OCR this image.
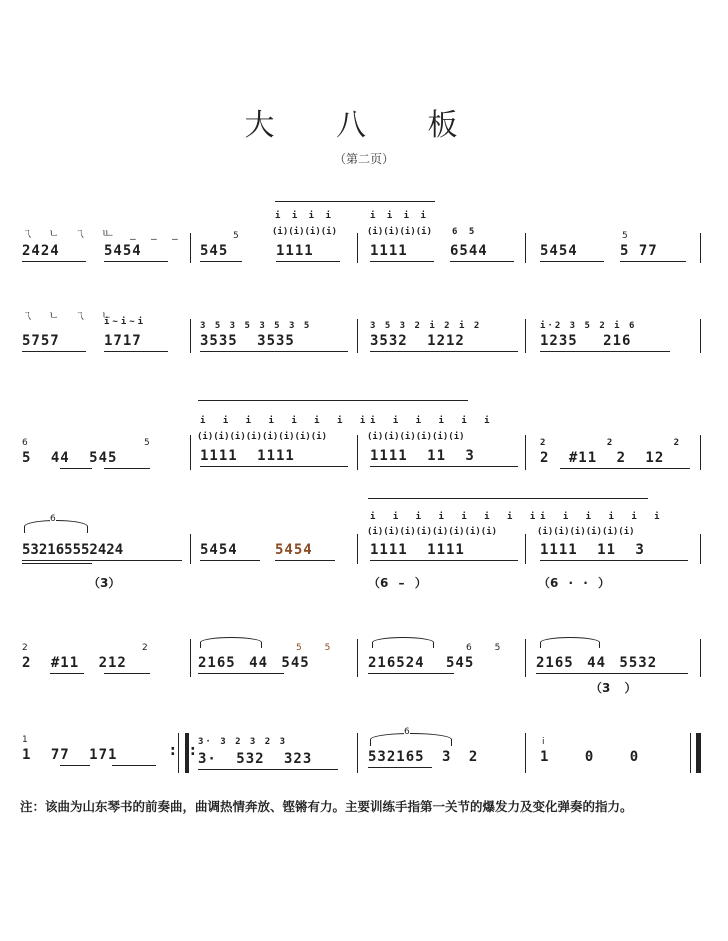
大 八 板
（第二页）
ㄟ ㄴ ㄟ ㄴ
ㄴ _ _ _
2424	5454	545
5
i i i i
(i)(i)(i)(i)
1111
i i i i
(i)(i)(i)(i)
1111
6 5
6544	5454
5
5 77
ㄟ ㄴ ㄟ ㄴ
5757
i~i~i
1717
3 5 3 5 3 5 3 5
3535 3535
3 5 3 2 i 2 i 2
3532 1212
i·2 3 5 2 i 6
1235 216
6
5 44 545
5
i i i i i i i i
(i)(i)(i)(i)(i)(i)(i)(i)
1111 1111
i i i i i i
(i)(i)(i)(i)(i)(i)
1111 11 3
2 2 2
2 #11 2 12
6
532165552424
（3）
5454	5454
i i i i i i i i
(i)(i)(i)(i)(i)(i)(i)(i)
1111 1111
（6 – ）
i i i i i i
(i)(i)(i)(i)(i)(i)
1111 11 3
（6 · · ）
2
2 #11 212
2
2165 44 545
5 5
216524 545
6 5
2165 44 5532
（3 ）
1
1 77 171	: :
3· 3 2 3 2 3
3· 532 323
6
532165 3 2
i
1 0 0
注：该曲为山东琴书的前奏曲，曲调热情奔放、铿锵有力。主要训练手指第一关节的爆发力及变化弹奏的指力。
